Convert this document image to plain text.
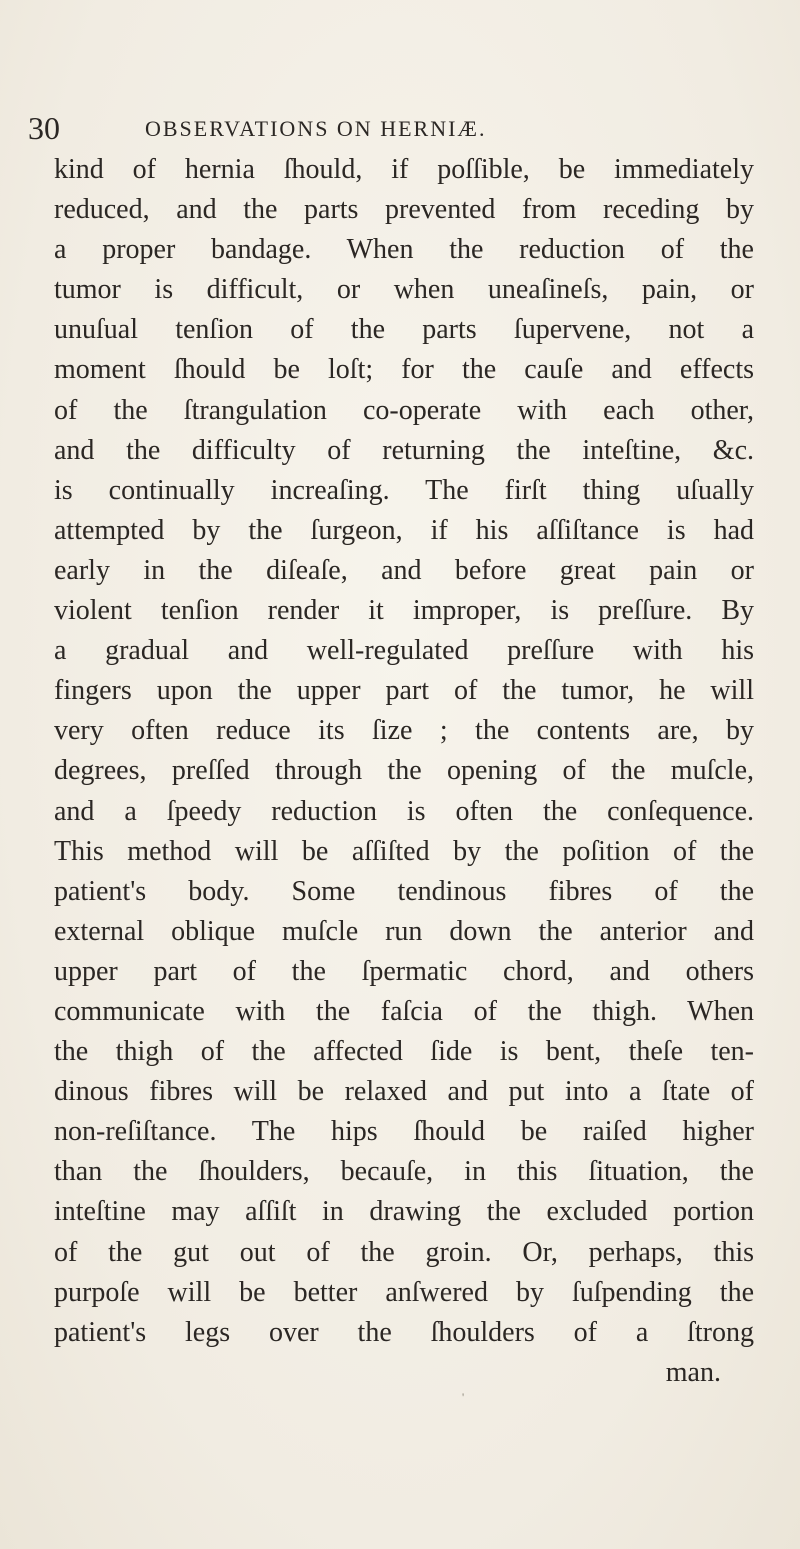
30	OBSERVATIONS ON HERNIÆ.
kind of hernia ſhould, if poſſible, be immediately
reduced, and the parts prevented from receding by
a proper bandage. When the reduction of the
tumor is difficult, or when uneaſineſs, pain, or
unuſual tenſion of the parts ſupervene, not a
moment ſhould be loſt; for the cauſe and effects
of the ſtrangulation co-operate with each other,
and the difficulty of returning the inteſtine, &c.
is continually increaſing. The firſt thing uſually
attempted by the ſurgeon, if his aſſiſtance is had
early in the diſeaſe, and before great pain or
violent tenſion render it improper, is preſſure. By
a gradual and well-regulated preſſure with his
fingers upon the upper part of the tumor, he will
very often reduce its ſize ; the contents are, by
degrees, preſſed through the opening of the muſcle,
and a ſpeedy reduction is often the conſequence.
This method will be aſſiſted by the poſition of the
patient's body. Some tendinous fibres of the
external oblique muſcle run down the anterior and
upper part of the ſpermatic chord, and others
communicate with the faſcia of the thigh. When
the thigh of the affected ſide is bent, theſe ten-
dinous fibres will be relaxed and put into a ſtate of
non-reſiſtance. The hips ſhould be raiſed higher
than the ſhoulders, becauſe, in this ſituation, the
inteſtine may aſſiſt in drawing the excluded portion
of the gut out of the groin. Or, perhaps, this
purpoſe will be better anſwered by ſuſpending the
patient's legs over the ſhoulders of a ſtrong
man.
'
